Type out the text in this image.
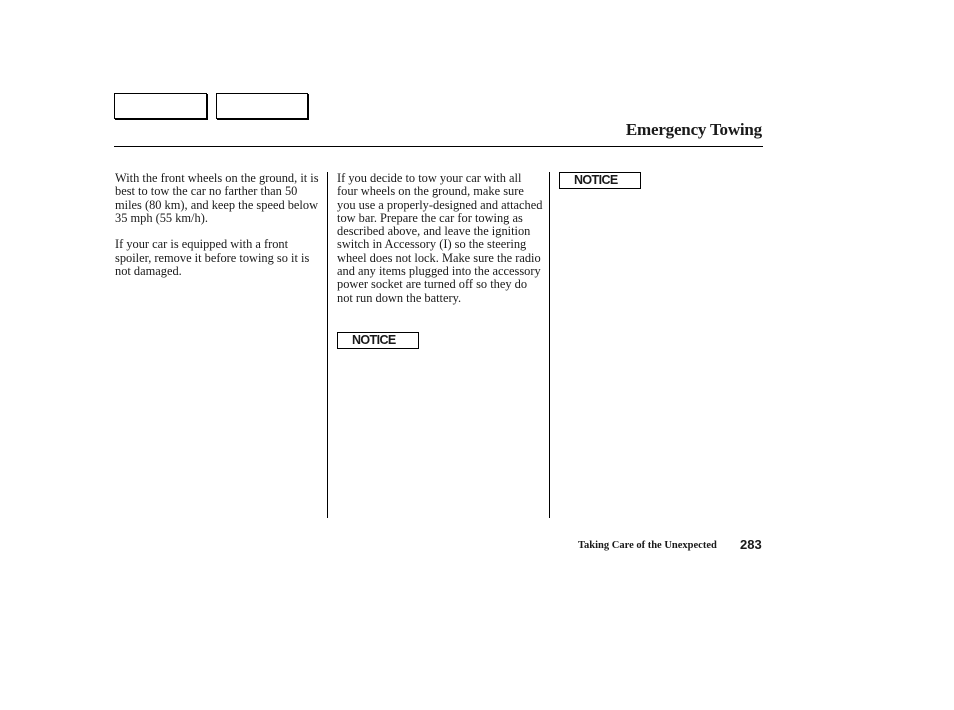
Emergency Towing

With the front wheels on the ground, it is best to tow the car no farther than 50 miles (80 km), and keep the speed below 35 mph (55 km/h).

If your car is equipped with a front spoiler, remove it before towing so it is not damaged.

If you decide to tow your car with all four wheels on the ground, make sure you use a properly-designed and attached tow bar. Prepare the car for towing as described above, and leave the ignition switch in Accessory (I) so the steering wheel does not lock. Make sure the radio and any items plugged into the accessory power socket are turned off so they do not run down the battery.

NOTICE
NOTICE
Taking Care of the Unexpected 283
